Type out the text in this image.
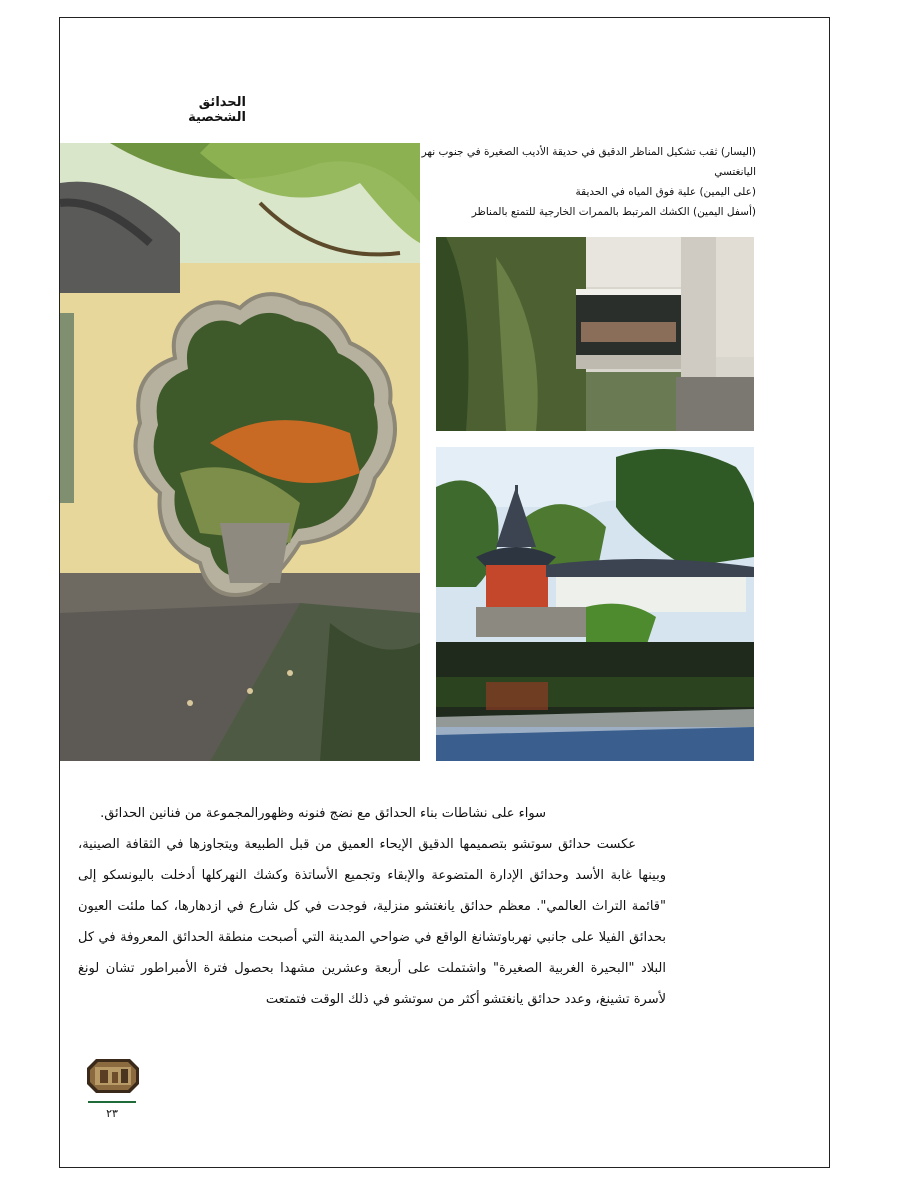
الحدائق الشخصية
(اليسار) ثقب تشكيل المناظر الدقيق في حديقة الأديب الصغيرة في جنوب نهر
اليانغتسي
(على اليمين) علية فوق المياه في الحديقة
(أسفل اليمين) الكشك المرتبط بالممرات الخارجية للتمتع بالمناظر

سواء على نشاطات بناء الحدائق مع نضج فنونه وظهورالمجموعة من فنانين الحدائق.

عكست حدائق سوتشو بتصميمها الدقيق الإيحاء العميق من قبل الطبيعة ويتجاوزها في الثقافة الصينية، وبينها غابة الأسد وحدائق الإدارة المتضوعة والإبقاء وتجميع الأساتذة وكشك النهركلها أدخلت باليونسكو إلى "قائمة التراث العالمي". معظم حدائق يانغتشو منزلية، فوجدت في كل شارع في ازدهارها، كما ملئت العيون بحدائق الفيلا على جانبي نهرباوتشانغ الواقع في ضواحي المدينة التي أصبحت منطقة الحدائق المعروفة في كل البلاد "البحيرة الغربية الصغيرة" واشتملت على أربعة وعشرين مشهدا بحصول فترة الأمبراطور تشان لونغ لأسرة تشينغ، وعدد حدائق يانغتشو أكثر من سوتشو في ذلك الوقت فتمتعت

٢٣
